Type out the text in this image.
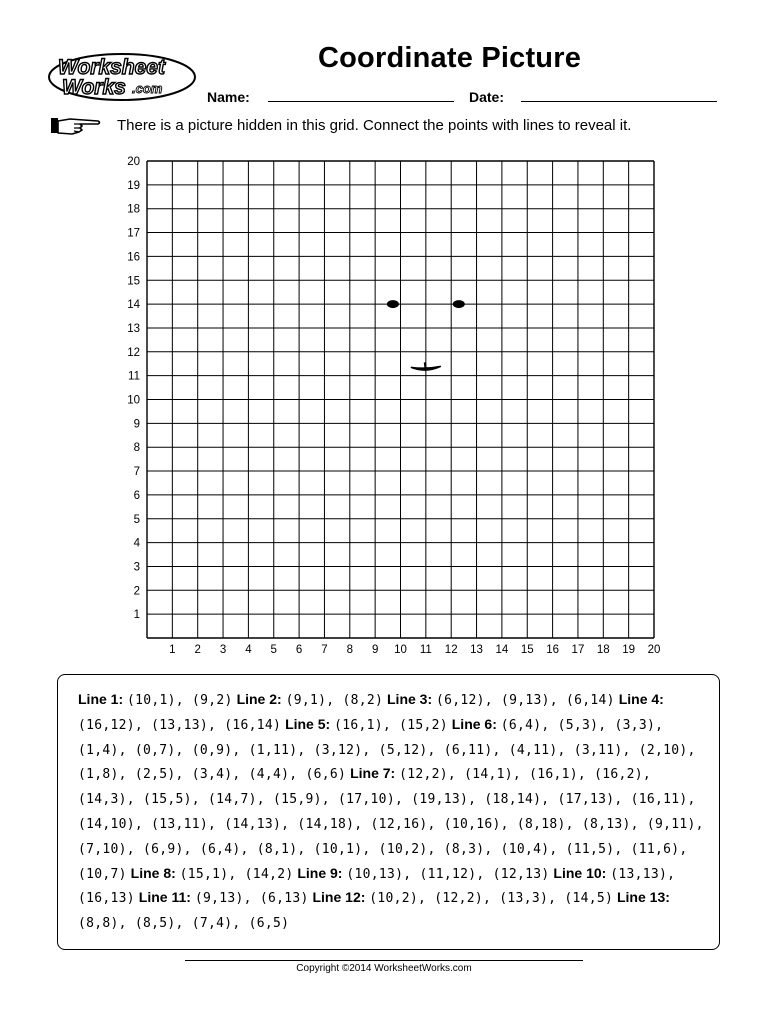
Worksheet
Works .com
Coordinate Picture
Name:	Date:
There is a picture hidden in this grid. Connect the points with lines to reveal it.
1
2
3
4
5
6
7
8
9
10
11
12
13
14
15
16
17
18
19
20
1 2 3 4 5 6 7 8 9 10 11 12 13 14 15 16 17 18 19 20
Line 1: (10,1), (9,2) Line 2: (9,1), (8,2) Line 3: (6,12), (9,13), (6,14) Line 4: (16,12), (13,13), (16,14) Line 5: (16,1), (15,2) Line 6: (6,4), (5,3), (3,3), (1,4), (0,7), (0,9), (1,11), (3,12), (5,12), (6,11), (4,11), (3,11), (2,10), (1,8), (2,5), (3,4), (4,4), (6,6) Line 7: (12,2), (14,1), (16,1), (16,2), (14,3), (15,5), (14,7), (15,9), (17,10), (19,13), (18,14), (17,13), (16,11), (14,10), (13,11), (14,13), (14,18), (12,16), (10,16), (8,18), (8,13), (9,11), (7,10), (6,9), (6,4), (8,1), (10,1), (10,2), (8,3), (10,4), (11,5), (11,6), (10,7) Line 8: (15,1), (14,2) Line 9: (10,13), (11,12), (12,13) Line 10: (13,13), (16,13) Line 11: (9,13), (6,13) Line 12: (10,2), (12,2), (13,3), (14,5) Line 13: (8,8), (8,5), (7,4), (6,5)
Copyright ©2014 WorksheetWorks.com
